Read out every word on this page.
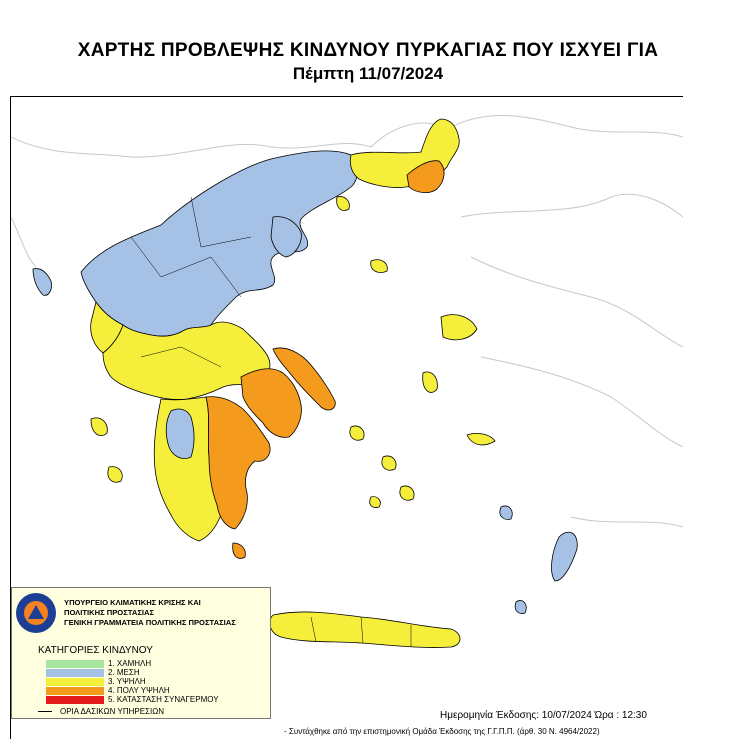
ΧΑΡΤΗΣ ΠΡΟΒΛΕΨΗΣ ΚΙΝΔΥΝΟΥ ΠΥΡΚΑΓΙΑΣ ΠΟΥ ΙΣΧΥΕΙ ΓΙΑ
Πέμπτη 11/07/2024
ΥΠΟΥΡΓΕΙΟ ΚΛΙΜΑΤΙΚΗΣ ΚΡΙΣΗΣ ΚΑΙ
ΠΟΛΙΤΙΚΗΣ ΠΡΟΣΤΑΣΙΑΣ
ΓΕΝΙΚΗ ΓΡΑΜΜΑΤΕΙΑ ΠΟΛΙΤΙΚΗΣ ΠΡΟΣΤΑΣΙΑΣ
ΚΑΤΗΓΟΡΙΕΣ ΚΙΝΔΥΝΟΥ
1. ΧΑΜΗΛΗ
2. ΜΕΣΗ
3. ΥΨΗΛΗ
4. ΠΟΛΥ ΥΨΗΛΗ
5. ΚΑΤΑΣΤΑΣΗ ΣΥΝΑΓΕΡΜΟΥ
ΟΡΙΑ ΔΑΣΙΚΩΝ ΥΠΗΡΕΣΙΩΝ	Ημερομηνία Έκδοσης: 10/07/2024 Ώρα : 12:30
- Συντάχθηκε από την επιστημονική Ομάδα Έκδοσης της Γ.Γ.Π.Π. (άρθ. 30 Ν. 4964/2022)
